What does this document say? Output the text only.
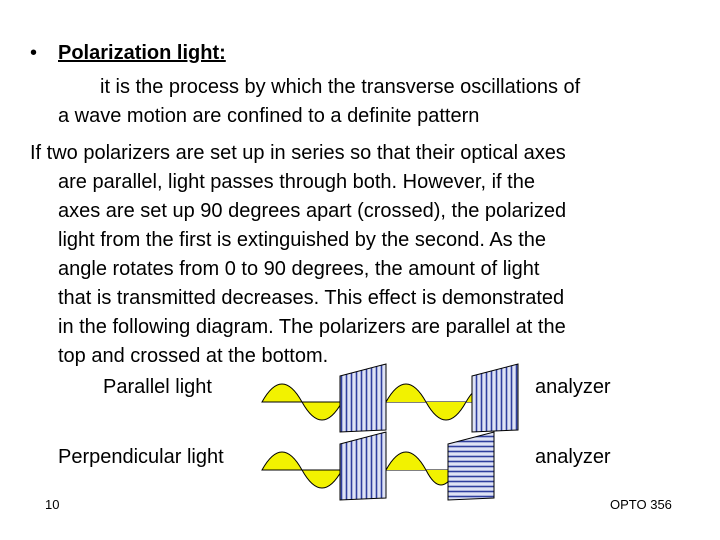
• Polarization light:
it is the process by which the transverse oscillations of
a wave motion are confined to a definite pattern
If two polarizers are set up in series so that their optical axes
are parallel, light passes through both. However, if the
axes are set up 90 degrees apart (crossed), the polarized
light from the first is extinguished by the second. As the
angle rotates from 0 to 90 degrees, the amount of light
that is transmitted decreases. This effect is demonstrated
in the following diagram. The polarizers are parallel at the
top and crossed at the bottom.
Parallel light	analyzer
Perpendicular light	analyzer
10	OPTO 356
